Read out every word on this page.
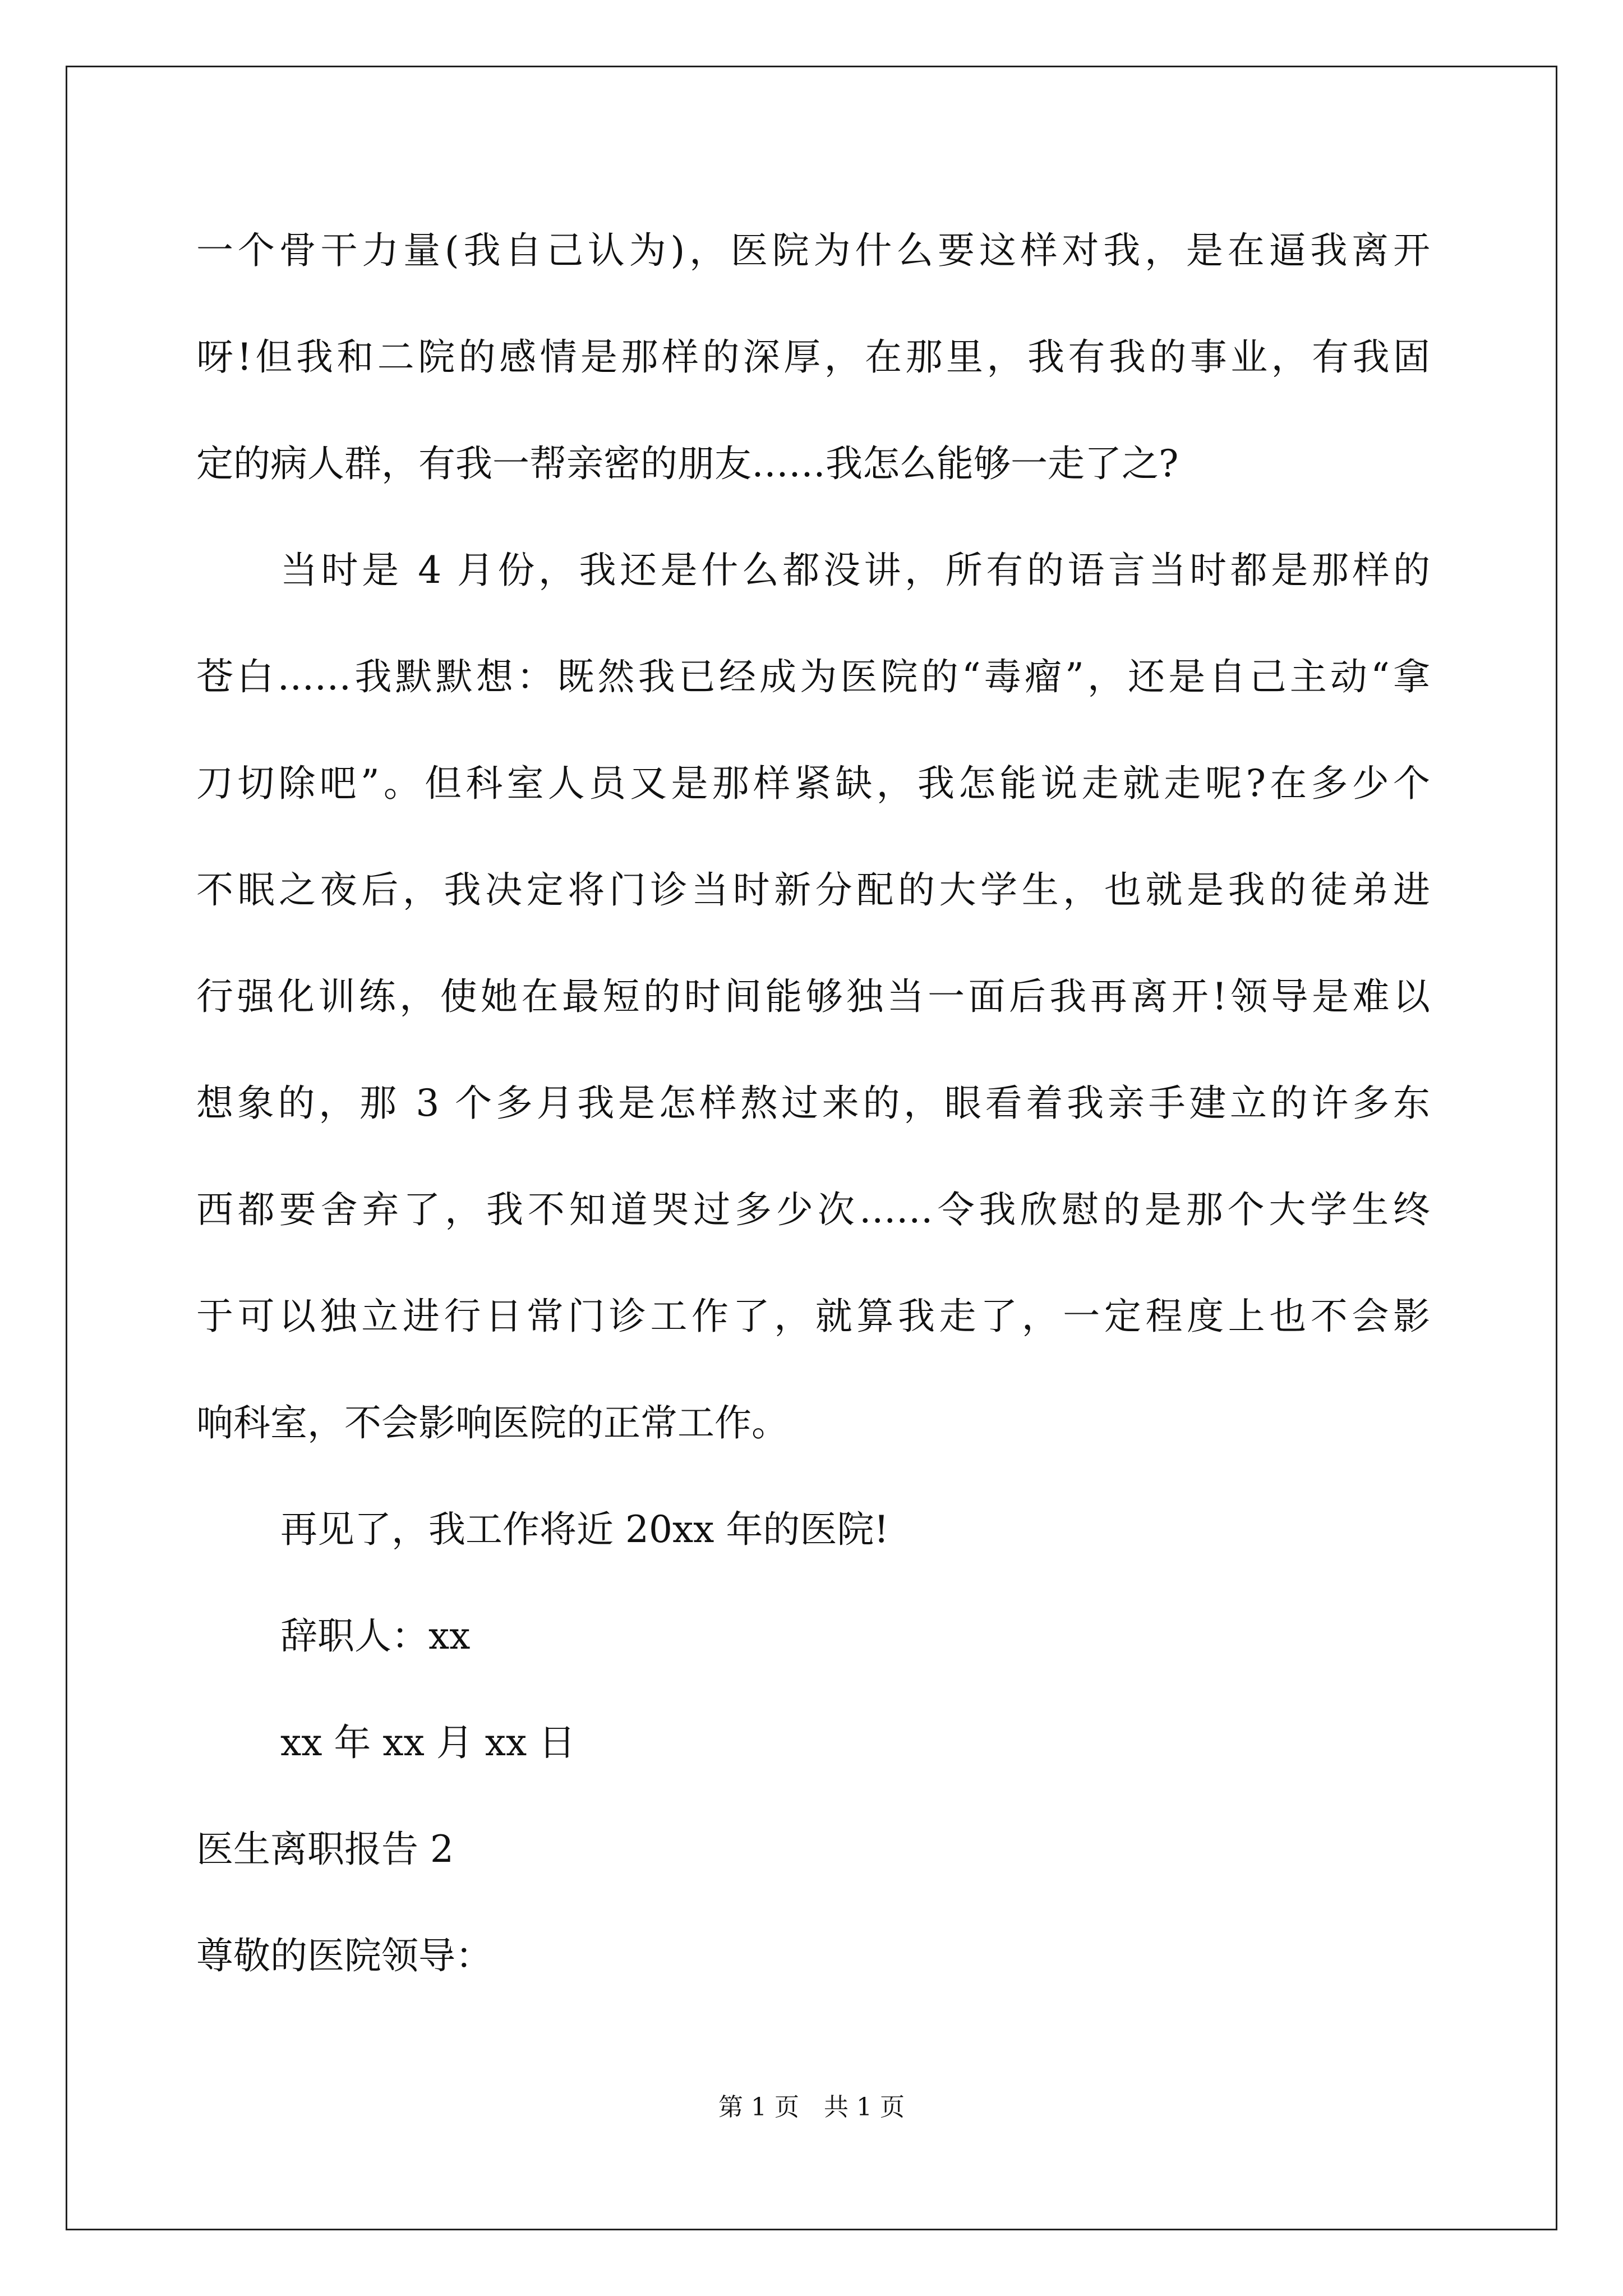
一个骨干力量(我自己认为)，医院为什么要这样对我，是在逼我离开
呀!但我和二院的感情是那样的深厚，在那里，我有我的事业，有我固
定的病人群，有我一帮亲密的朋友……我怎么能够一走了之?
当时是 4 月份，我还是什么都没讲，所有的语言当时都是那样的
苍白……我默默想：既然我已经成为医院的“毒瘤”，还是自己主动“拿
刀切除吧”。但科室人员又是那样紧缺，我怎能说走就走呢?在多少个
不眠之夜后，我决定将门诊当时新分配的大学生，也就是我的徒弟进
行强化训练，使她在最短的时间能够独当一面后我再离开!领导是难以
想象的，那 3 个多月我是怎样熬过来的，眼看着我亲手建立的许多东
西都要舍弃了，我不知道哭过多少次……令我欣慰的是那个大学生终
于可以独立进行日常门诊工作了，就算我走了，一定程度上也不会影
响科室，不会影响医院的正常工作。
再见了，我工作将近 20xx 年的医院!
辞职人：xx
xx 年 xx 月 xx 日
医生离职报告 2
尊敬的医院领导：
第 1 页　共 1 页
